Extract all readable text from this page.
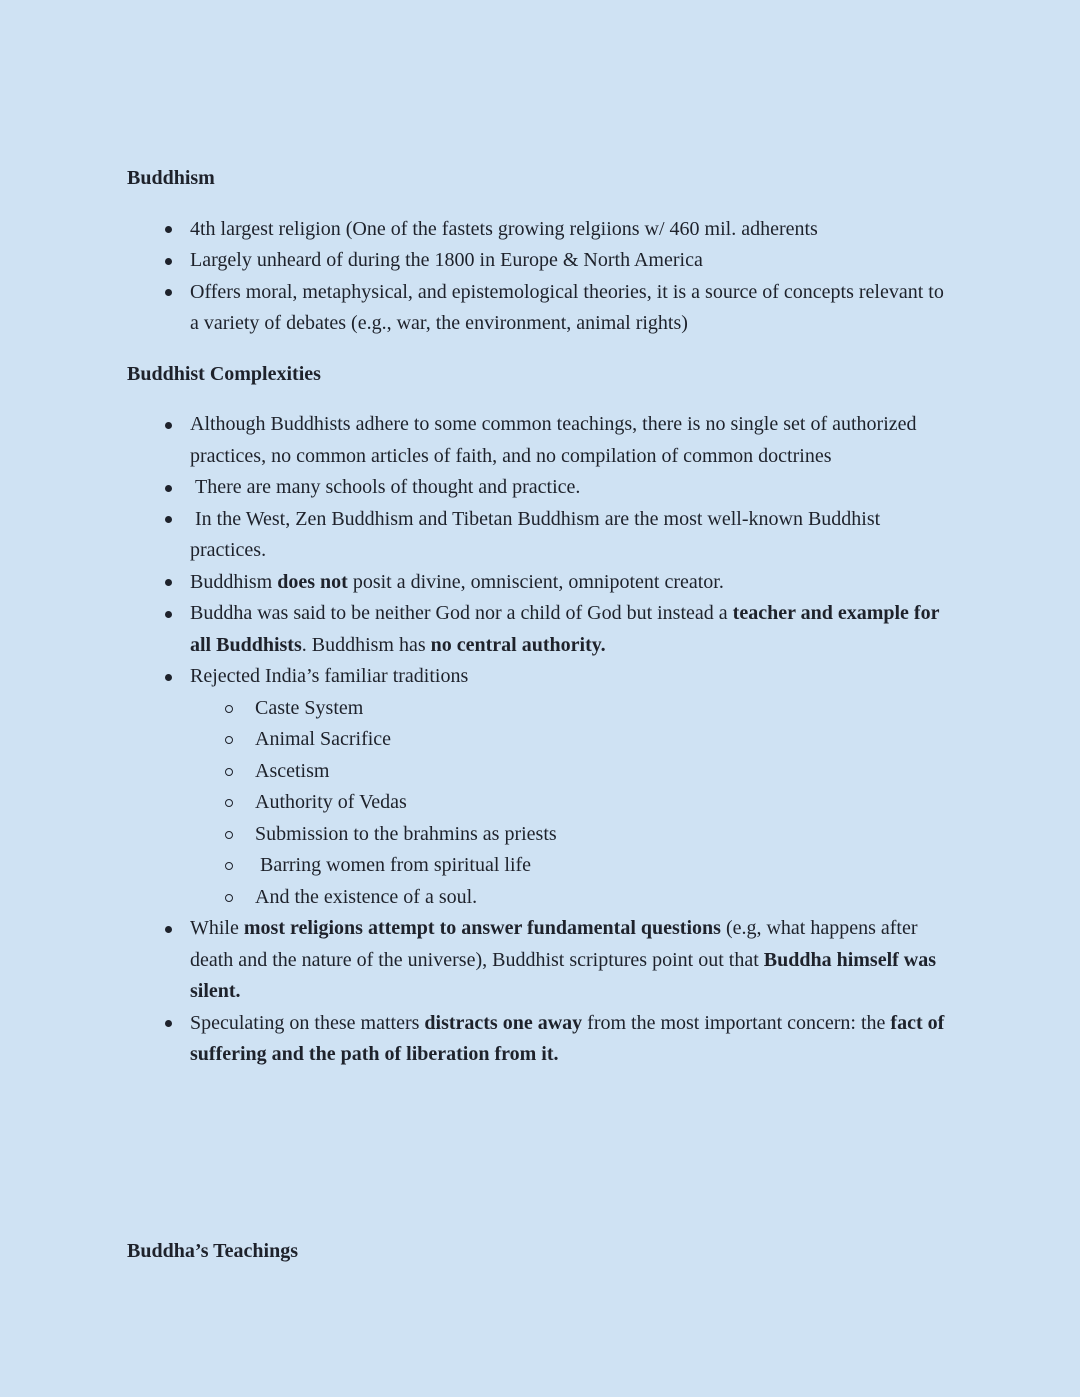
Buddhism
4th largest religion (One of the fastets growing relgiions w/ 460 mil. adherents
Largely unheard of during the 1800 in Europe & North America
Offers moral, metaphysical, and epistemological theories, it is a source of concepts relevant to a variety of debates (e.g., war, the environment, animal rights)
Buddhist Complexities
Although Buddhists adhere to some common teachings, there is no single set of authorized practices, no common articles of faith, and no compilation of common doctrines
There are many schools of thought and practice.
In the West, Zen Buddhism and Tibetan Buddhism are the most well-known Buddhist practices.
Buddhism does not posit a divine, omniscient, omnipotent creator.
Buddha was said to be neither God nor a child of God but instead a teacher and example for all Buddhists. Buddhism has no central authority.
Rejected India’s familiar traditions
Caste System
Animal Sacrifice
Ascetism
Authority of Vedas
Submission to the brahmins as priests
Barring women from spiritual life
And the existence of a soul.
While most religions attempt to answer fundamental questions (e.g, what happens after death and the nature of the universe), Buddhist scriptures point out that Buddha himself was silent.
Speculating on these matters distracts one away from the most important concern: the fact of suffering and the path of liberation from it.
Buddha’s Teachings
